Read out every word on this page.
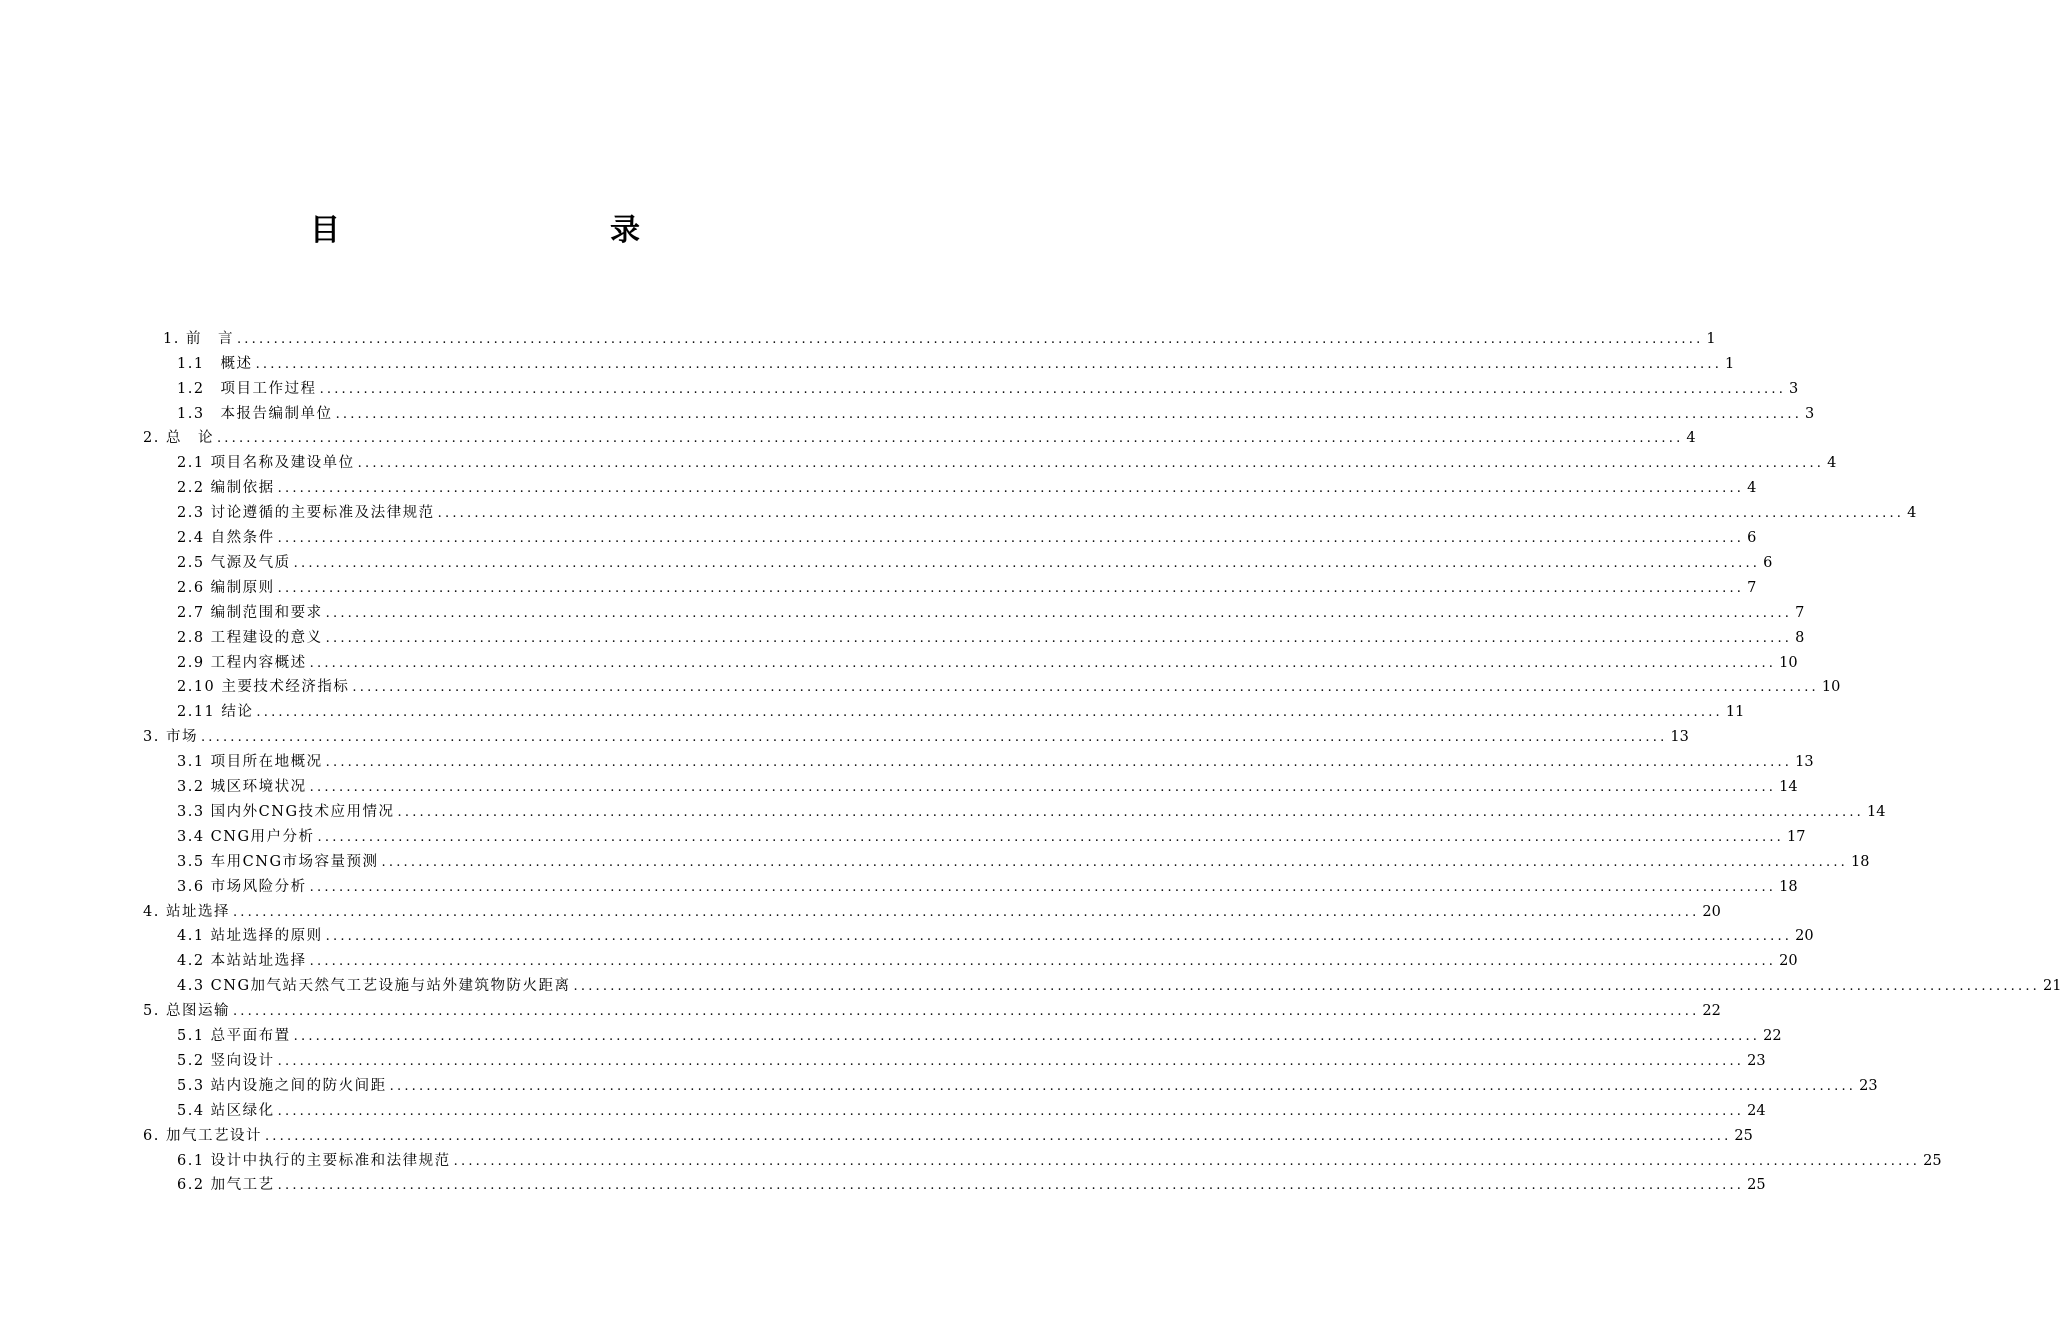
目　　录
1. 前　言 ........................................................................................................................................................................................................ 1
1.1　概述 ........................................................................................................................................................................................................ 1
1.2　项目工作过程 ........................................................................................................................................................................................................ 3
1.3　本报告编制单位 ........................................................................................................................................................................................................ 3
2. 总　论 ........................................................................................................................................................................................................ 4
2.1 项目名称及建设单位 ........................................................................................................................................................................................................ 4
2.2 编制依据 ........................................................................................................................................................................................................ 4
2.3 讨论遵循的主要标准及法律规范 ........................................................................................................................................................................................................ 4
2.4 自然条件 ........................................................................................................................................................................................................ 6
2.5 气源及气质 ........................................................................................................................................................................................................ 6
2.6 编制原则 ........................................................................................................................................................................................................ 7
2.7 编制范围和要求 ........................................................................................................................................................................................................ 7
2.8 工程建设的意义 ........................................................................................................................................................................................................ 8
2.9 工程内容概述 ........................................................................................................................................................................................................ 10
2.10 主要技术经济指标 ........................................................................................................................................................................................................ 10
2.11 结论 ........................................................................................................................................................................................................ 11
3. 市场 ........................................................................................................................................................................................................ 13
3.1 项目所在地概况 ........................................................................................................................................................................................................ 13
3.2 城区环境状况 ........................................................................................................................................................................................................ 14
3.3 国内外CNG技术应用情况 ........................................................................................................................................................................................................ 14
3.4 CNG用户分析 ........................................................................................................................................................................................................ 17
3.5 车用CNG市场容量预测 ........................................................................................................................................................................................................ 18
3.6 市场风险分析 ........................................................................................................................................................................................................ 18
4. 站址选择 ........................................................................................................................................................................................................ 20
4.1 站址选择的原则 ........................................................................................................................................................................................................ 20
4.2 本站站址选择 ........................................................................................................................................................................................................ 20
4.3 CNG加气站天然气工艺设施与站外建筑物防火距离 ........................................................................................................................................................................................................ 21
5. 总图运输 ........................................................................................................................................................................................................ 22
5.1 总平面布置 ........................................................................................................................................................................................................ 22
5.2 竖向设计 ........................................................................................................................................................................................................ 23
5.3 站内设施之间的防火间距 ........................................................................................................................................................................................................ 23
5.4 站区绿化 ........................................................................................................................................................................................................ 24
6. 加气工艺设计 ........................................................................................................................................................................................................ 25
6.1 设计中执行的主要标准和法律规范 ........................................................................................................................................................................................................ 25
6.2 加气工艺 ........................................................................................................................................................................................................ 25
